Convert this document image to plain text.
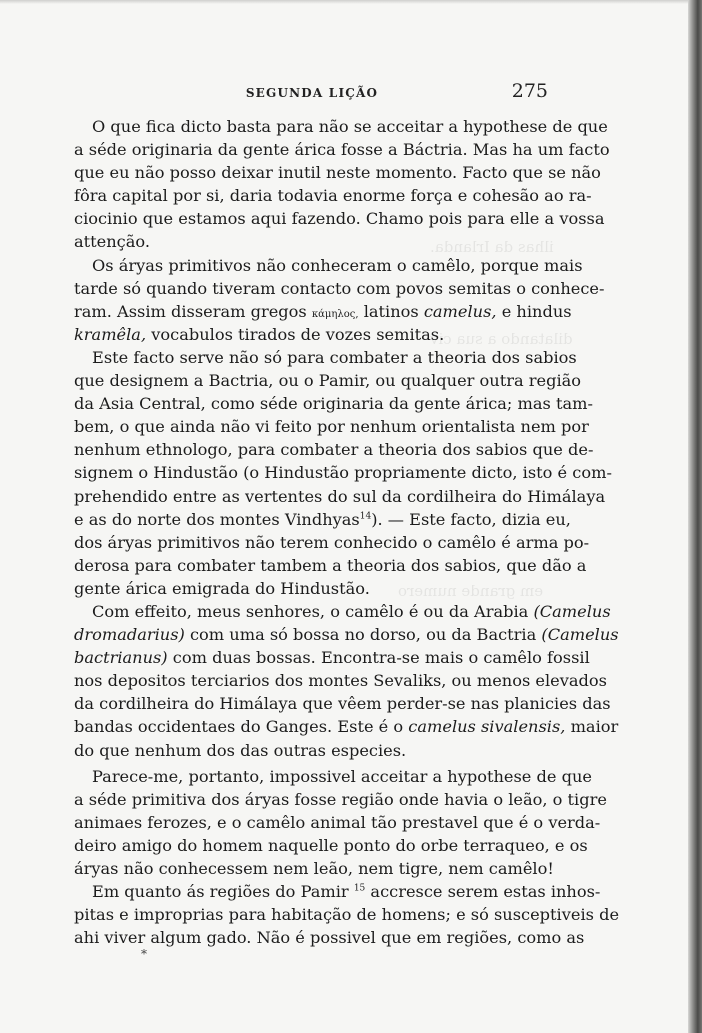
ilhas da Irlanda.
dilatando a sua civ
em grande numero
SEGUNDA LIÇÃO	275
O que fica dicto basta para não se acceitar a hypothese de que
a séde originaria da gente árica fosse a Báctria. Mas ha um facto
que eu não posso deixar inutil neste momento. Facto que se não
fôra capital por si, daria todavia enorme força e cohesão ao ra-
ciocinio que estamos aqui fazendo. Chamo pois para elle a vossa
attenção.
Os áryas primitivos não conheceram o camêlo, porque mais
tarde só quando tiveram contacto com povos semitas o conhece-
ram. Assim disseram gregos κάμηλος, latinos camelus, e hindus
kramêla, vocabulos tirados de vozes semitas.
Este facto serve não só para combater a theoria dos sabios
que designem a Bactria, ou o Pamir, ou qualquer outra região
da Asia Central, como séde originaria da gente árica; mas tam-
bem, o que ainda não vi feito por nenhum orientalista nem por
nenhum ethnologo, para combater a theoria dos sabios que de-
signem o Hindustão (o Hindustão propriamente dicto, isto é com-
prehendido entre as vertentes do sul da cordilheira do Himálaya
e as do norte dos montes Vindhyas$^{14}$). — Este facto, dizia eu,
dos áryas primitivos não terem conhecido o camêlo é arma po-
derosa para combater tambem a theoria dos sabios, que dão a
gente árica emigrada do Hindustão.
Com effeito, meus senhores, o camêlo é ou da Arabia (Camelus
dromadarius) com uma só bossa no dorso, ou da Bactria (Camelus
bactrianus) com duas bossas. Encontra-se mais o camêlo fossil
nos depositos terciarios dos montes Sevaliks, ou menos elevados
da cordilheira do Himálaya que vêem perder-se nas planicies das
bandas occidentaes do Ganges. Este é o camelus sivalensis, maior
do que nenhum dos das outras especies.
Parece-me, portanto, impossivel acceitar a hypothese de que
a séde primitiva dos áryas fosse região onde havia o leão, o tigre
animaes ferozes, e o camêlo animal tão prestavel que é o verda-
deiro amigo do homem naquelle ponto do orbe terraqueo, e os
áryas não conhecessem nem leão, nem tigre, nem camêlo!
Em quanto ás regiões do Pamir $^{15}$ accresce serem estas inhos-
pitas e improprias para habitação de homens; e só susceptiveis de
ahi viver algum gado. Não é possivel que em regiões, como as
*
